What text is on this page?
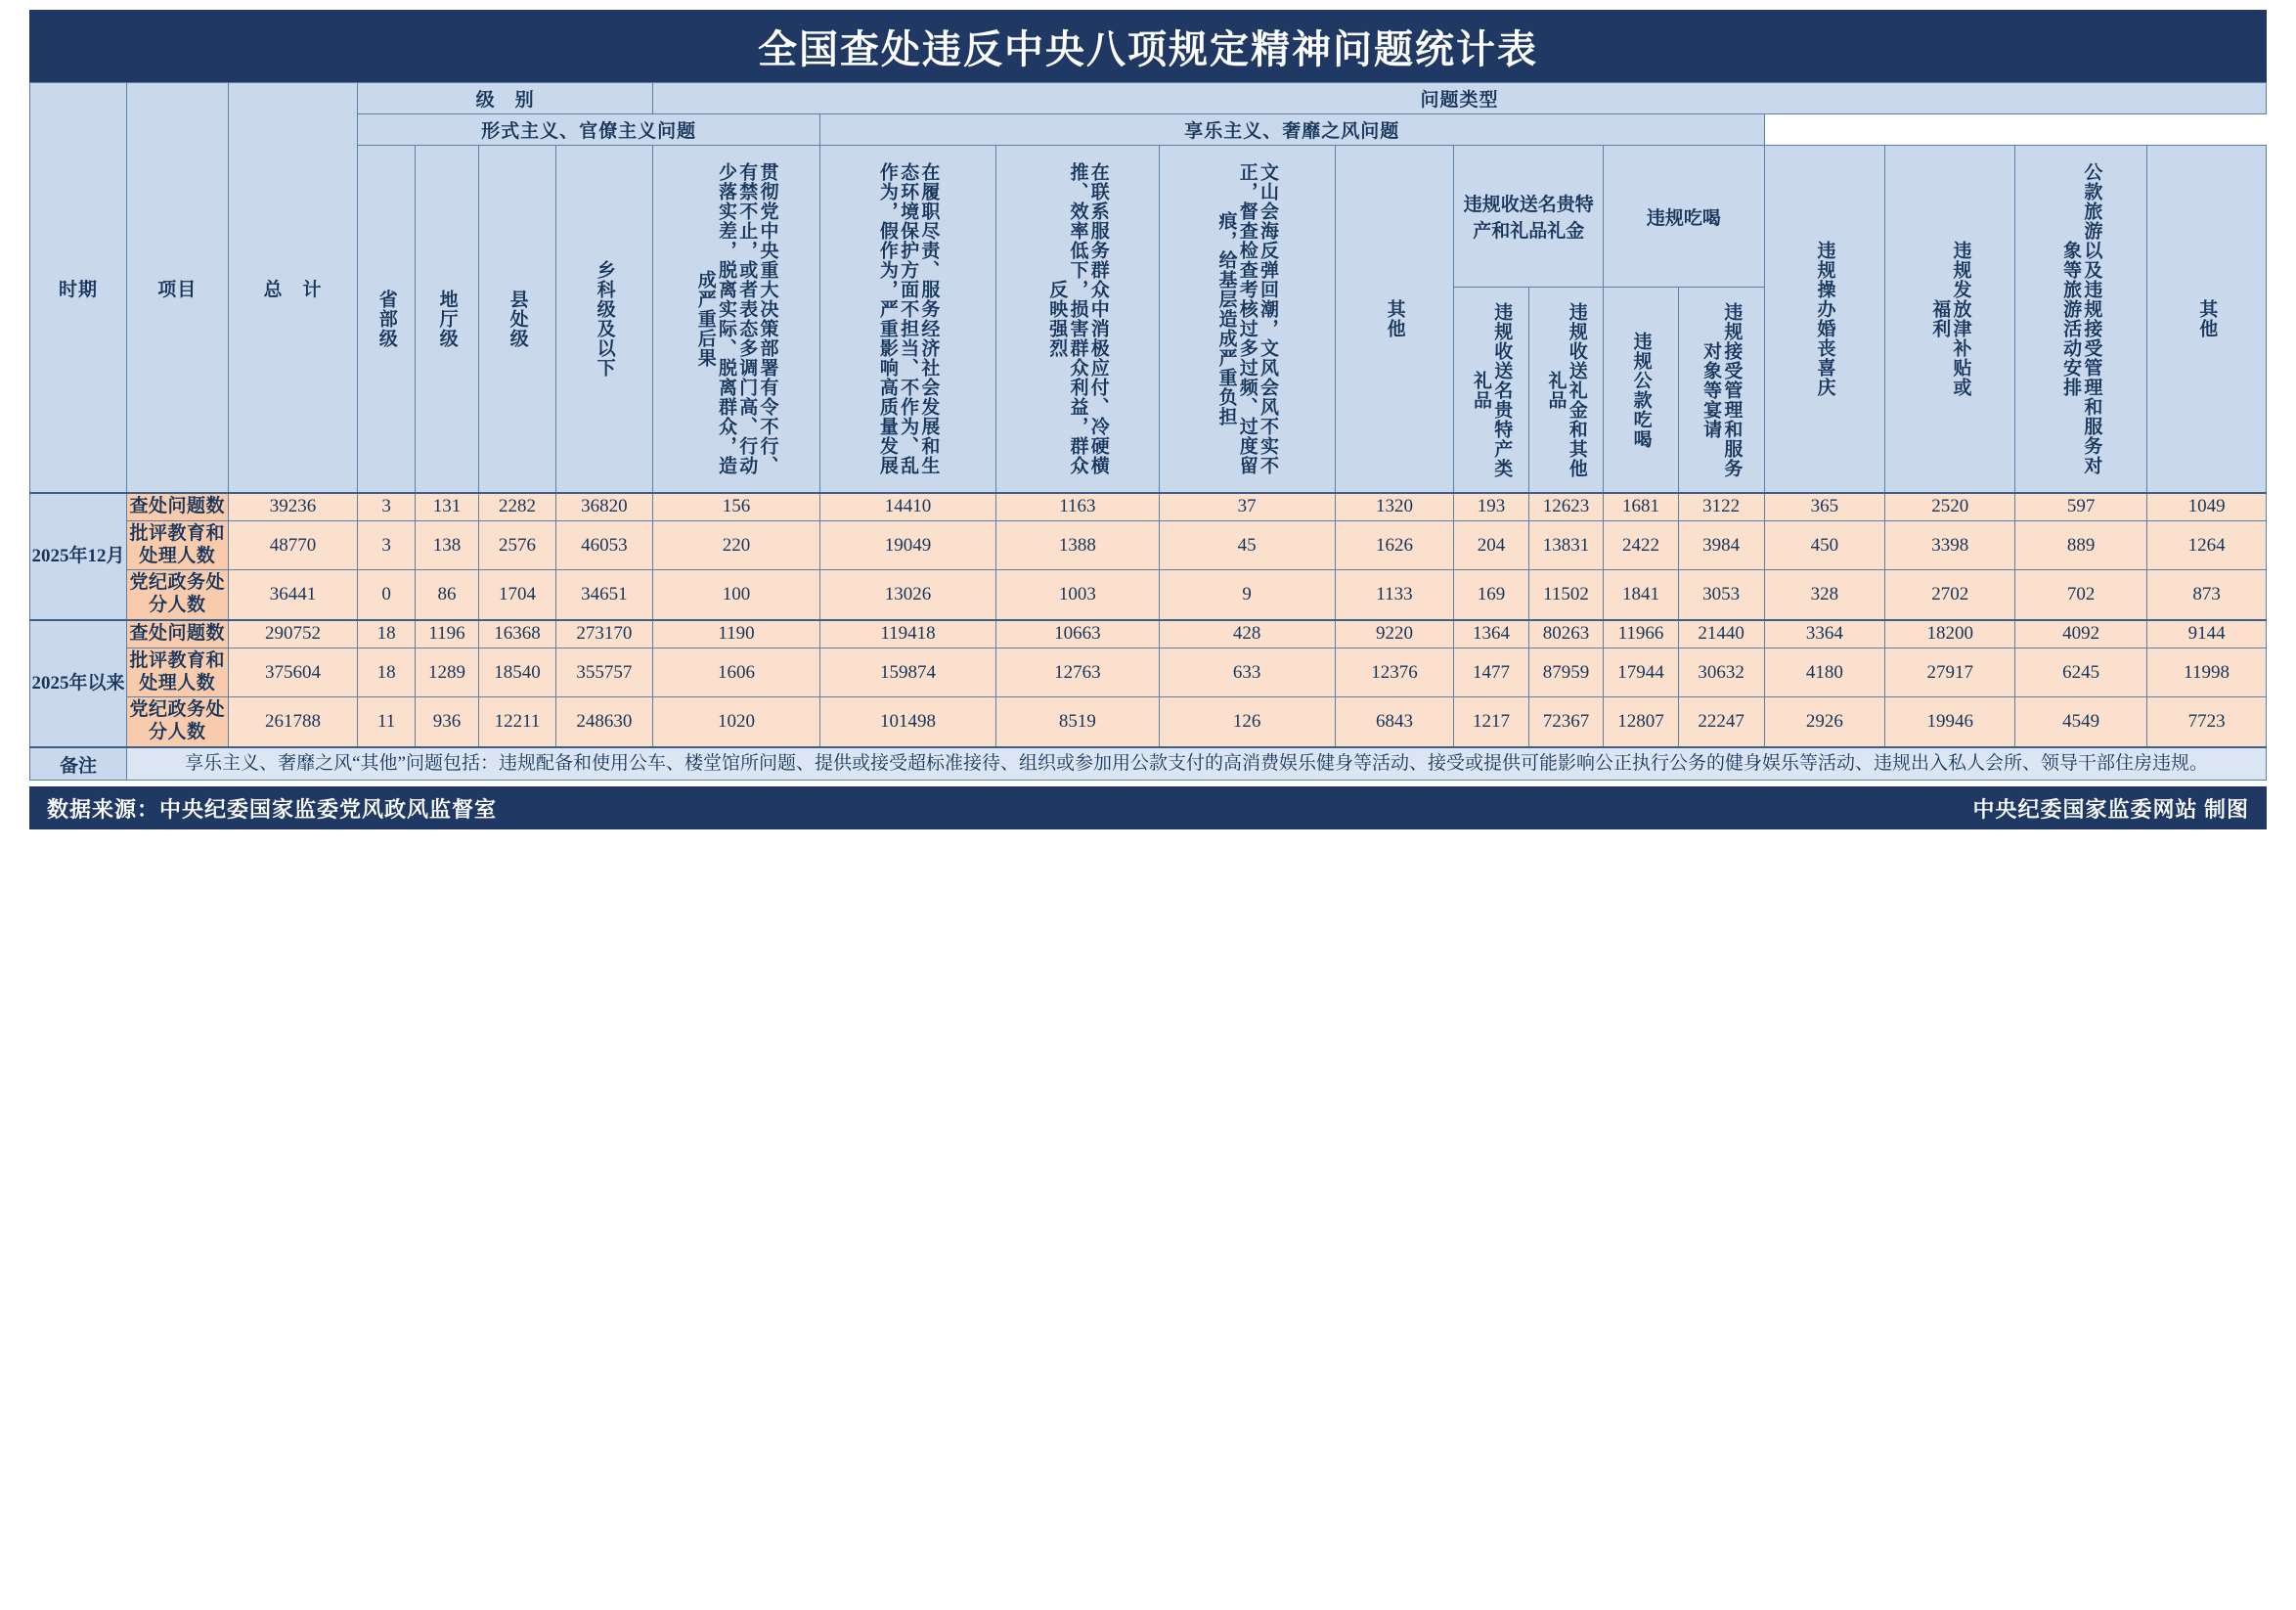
全国查处违反中央八项规定精神问题统计表
时期	项目	总　计	级　别				问题类型												
			形式主义、官僚主义问题					享乐主义、奢靡之风问题											

			省部级	地厅级	县处级	乡科级及以下	贯彻党中央重大决策部署有令不行、有禁不止，或者表态多调门高、行动少落实差，脱离实际、脱离群众，造成严重后果	在履职尽责、服务经济社会发展和生态环境保护方面不担当、不作为、乱作为，假作为，严重影响高质量发展	在联系服务群众中消极应付、冷硬横推、效率低下，损害群众利益，群众反映强烈	文山会海反弹回潮，文风会风不实不正，督查检查考核过多过频、过度留痕，给基层造成严重负担	其他	违规收送名贵特产和礼品礼金		违规吃喝		违规操办婚丧喜庆	违规发放津补贴或福利	公款旅游以及违规接受管理和服务对象等旅游活动安排	其他

												违规收送名贵特产类礼品	违规收送礼金和其他礼品	违规公款吃喝	违规接受管理和服务对象等宴请				

2025年12月	查处问题数	39236	3	131	2282	36820	156	14410	1163	37	1320	193	12623	1681	3122	365	2520	597	1049
	批评教育和处理人数	48770	3	138	2576	46053	220	19049	1388	45	1626	204	13831	2422	3984	450	3398	889	1264
	党纪政务处分人数	36441	0	86	1704	34651	100	13026	1003	9	1133	169	11502	1841	3053	328	2702	702	873
2025年以来	查处问题数	290752	18	1196	16368	273170	1190	119418	10663	428	9220	1364	80263	11966	21440	3364	18200	4092	9144
	批评教育和处理人数	375604	18	1289	18540	355757	1606	159874	12763	633	12376	1477	87959	17944	30632	4180	27917	6245	11998
	党纪政务处分人数	261788	11	936	12211	248630	1020	101498	8519	126	6843	1217	72367	12807	22247	2926	19946	4549	7723
备注	享乐主义、奢靡之风“其他”问题包括：违规配备和使用公车、楼堂馆所问题、提供或接受超标准接待、组织或参加用公款支付的高消费娱乐健身等活动、接受或提供可能影响公正执行公务的健身娱乐等活动、违规出入私人会所、领导干部住房违规。																		
数据来源：中央纪委国家监委党风政风监督室	中央纪委国家监委网站 制图
